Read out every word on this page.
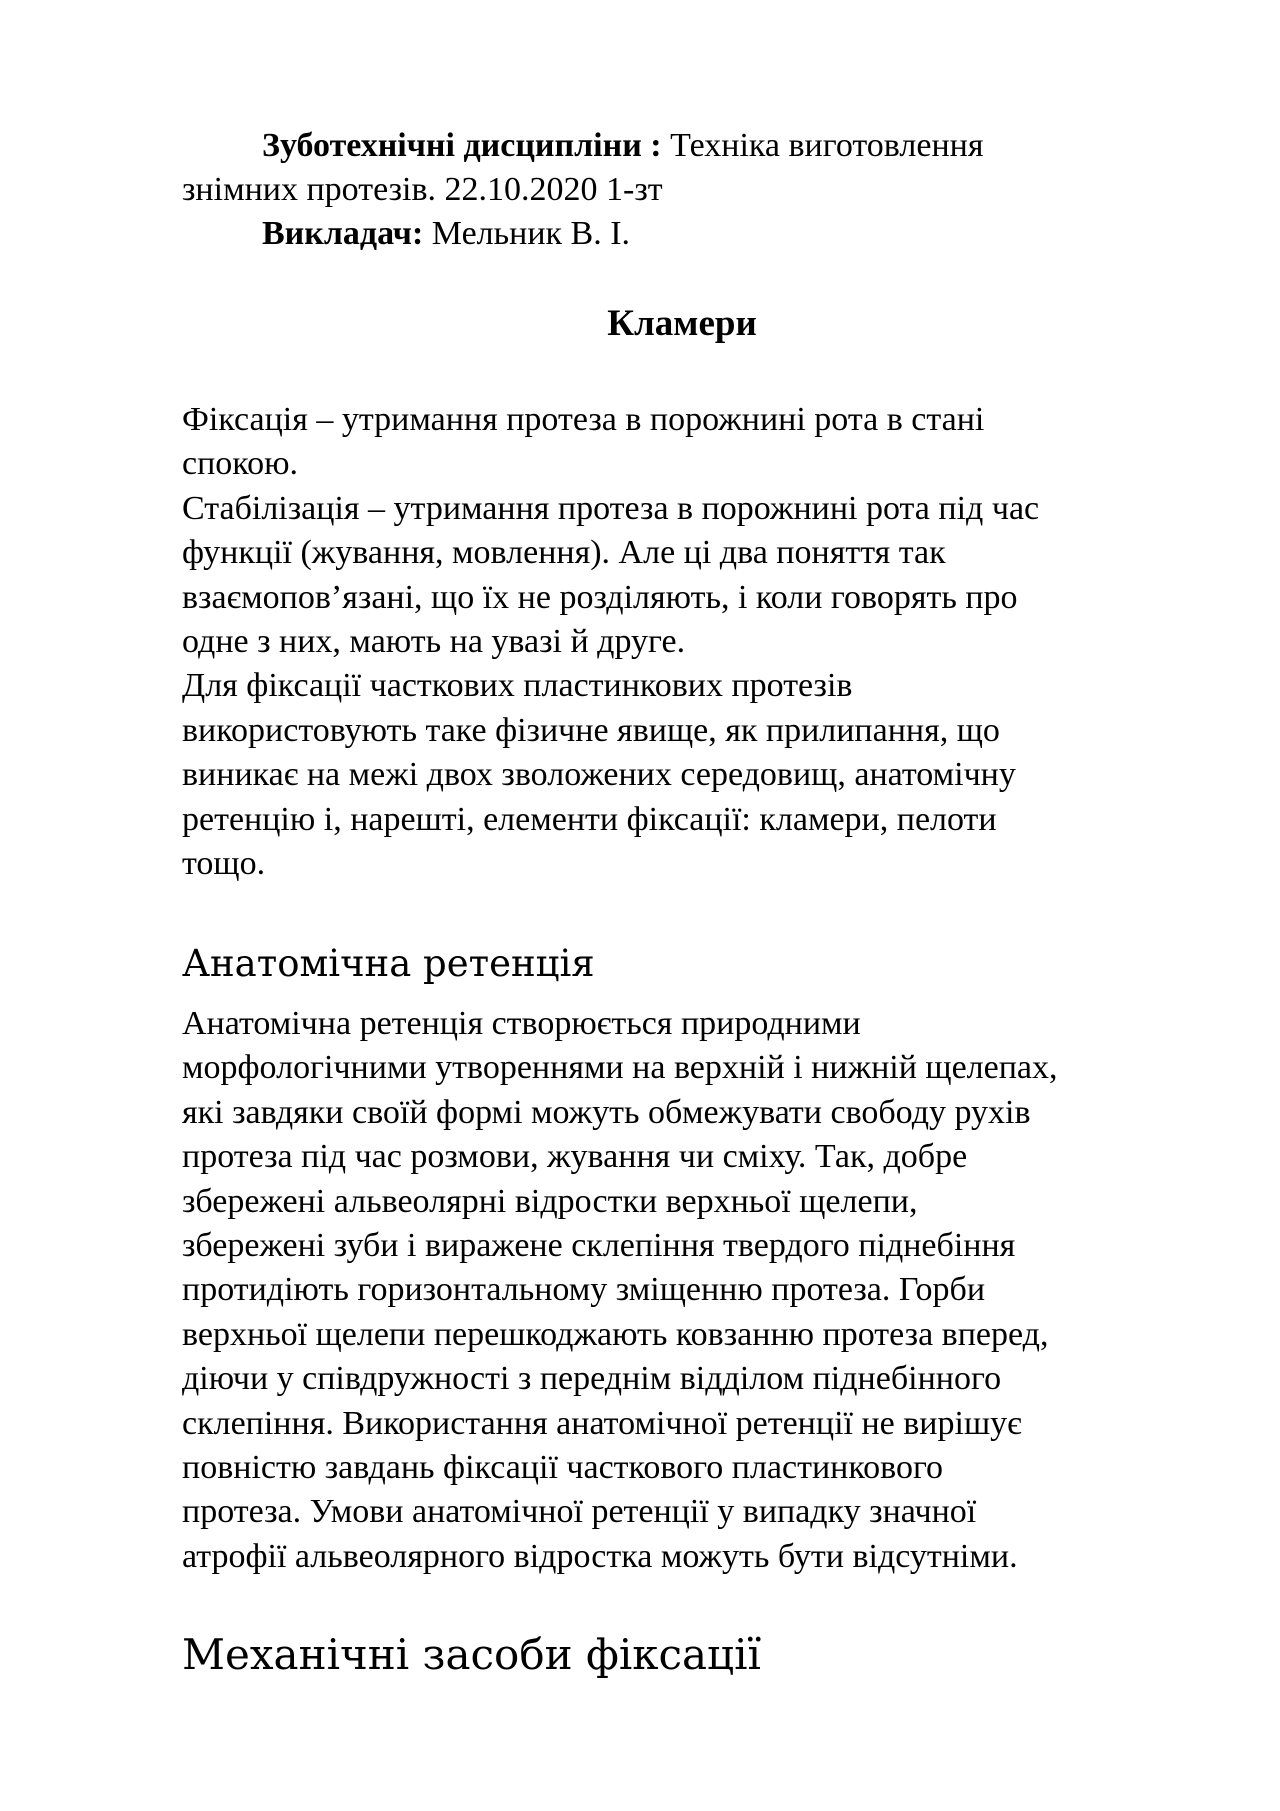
Зуботехнічні дисципліни : Техніка виготовлення
знімних протезів. 22.10.2020 1-зт
Викладач: Мельник В. І.
Кламери
Фіксація – утримання протеза в порожнині рота в стані
спокою.
Стабілізація – утримання протеза в порожнині рота під час
функції (жування, мовлення). Але ці два поняття так
взаємопов’язані, що їх не розділяють, і коли говорять про
одне з них, мають на увазі й друге.
Для фіксації часткових пластинкових протезів
використовують таке фізичне явище, як прилипання, що
виникає на межі двох зволожених середовищ, анатомічну
ретенцію і, нарешті, елементи фіксації: кламери, пелоти
тощо.
Анатомічна ретенція
Анатомічна ретенція створюється природними
морфологічними утвореннями на верхній і нижній щелепах,
які завдяки своїй формі можуть обмежувати свободу рухів
протеза під час розмови, жування чи сміху. Так, добре
збережені альвеолярні відростки верхньої щелепи,
збережені зуби і виражене склепіння твердого піднебіння
протидіють горизонтальному зміщенню протеза. Горби
верхньої щелепи перешкоджають ковзанню протеза вперед,
діючи у співдружності з переднім відділом піднебінного
склепіння. Використання анатомічної ретенції не вирішує
повністю завдань фіксації часткового пластинкового
протеза. Умови анатомічної ретенції у випадку значної
атрофії альвеолярного відростка можуть бути відсутніми.
Механічні засоби фіксації
